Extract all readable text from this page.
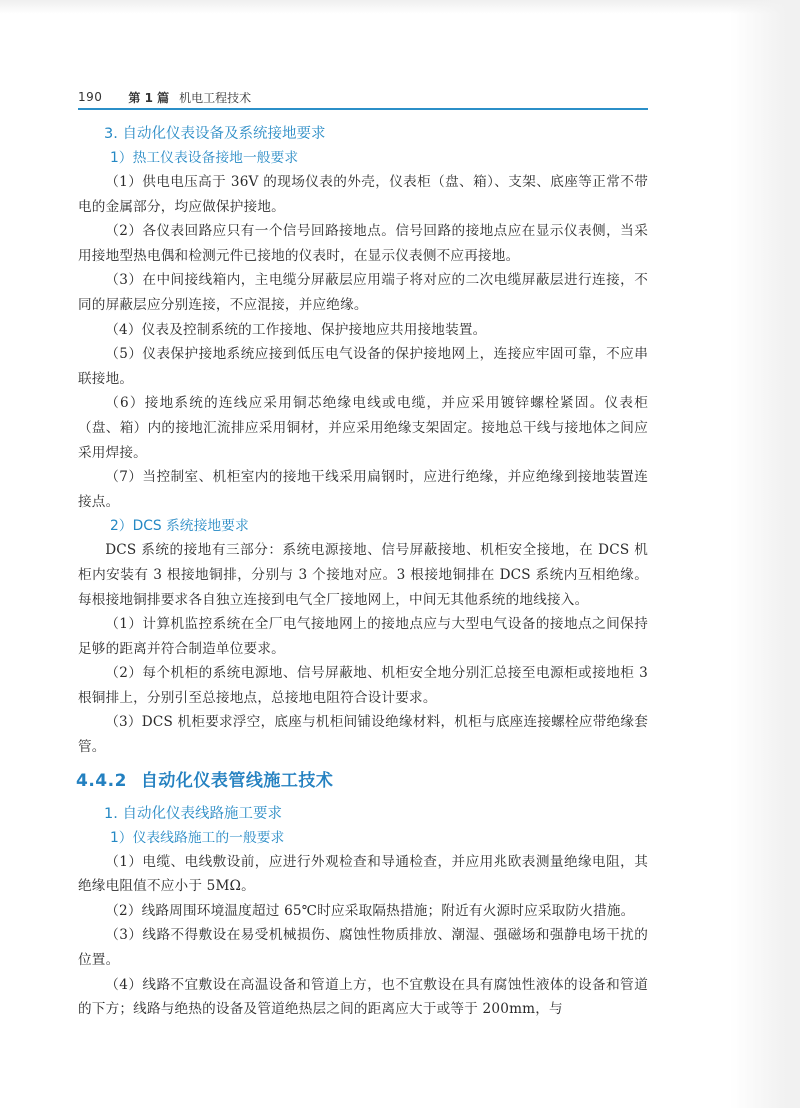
190 第 1 篇 机电工程技术
3. 自动化仪表设备及系统接地要求
1）热工仪表设备接地一般要求

（1）供电电压高于 36V 的现场仪表的外壳，仪表柜（盘、箱）、支架、底座等正常不带电的金属部分，均应做保护接地。

（2）各仪表回路应只有一个信号回路接地点。信号回路的接地点应在显示仪表侧，当采用接地型热电偶和检测元件已接地的仪表时，在显示仪表侧不应再接地。

（3）在中间接线箱内，主电缆分屏蔽层应用端子将对应的二次电缆屏蔽层进行连接，不同的屏蔽层应分别连接，不应混接，并应绝缘。

（4）仪表及控制系统的工作接地、保护接地应共用接地装置。

（5）仪表保护接地系统应接到低压电气设备的保护接地网上，连接应牢固可靠，不应串联接地。

（6）接地系统的连线应采用铜芯绝缘电线或电缆，并应采用镀锌螺栓紧固。仪表柜（盘、箱）内的接地汇流排应采用铜材，并应采用绝缘支架固定。接地总干线与接地体之间应采用焊接。

（7）当控制室、机柜室内的接地干线采用扁钢时，应进行绝缘，并应绝缘到接地装置连接点。

2）DCS 系统接地要求

DCS 系统的接地有三部分：系统电源接地、信号屏蔽接地、机柜安全接地，在 DCS 机柜内安装有 3 根接地铜排，分别与 3 个接地对应。3 根接地铜排在 DCS 系统内互相绝缘。每根接地铜排要求各自独立连接到电气全厂接地网上，中间无其他系统的地线接入。

（1）计算机监控系统在全厂电气接地网上的接地点应与大型电气设备的接地点之间保持足够的距离并符合制造单位要求。

（2）每个机柜的系统电源地、信号屏蔽地、机柜安全地分别汇总接至电源柜或接地柜 3 根铜排上，分别引至总接地点，总接地电阻符合设计要求。

（3）DCS 机柜要求浮空，底座与机柜间铺设绝缘材料，机柜与底座连接螺栓应带绝缘套管。

4.4.2 自动化仪表管线施工技术
1. 自动化仪表线路施工要求
1）仪表线路施工的一般要求

（1）电缆、电线敷设前，应进行外观检查和导通检查，并应用兆欧表测量绝缘电阻，其绝缘电阻值不应小于 5MΩ。

（2）线路周围环境温度超过 65℃时应采取隔热措施；附近有火源时应采取防火措施。

（3）线路不得敷设在易受机械损伤、腐蚀性物质排放、潮湿、强磁场和强静电场干扰的位置。

（4）线路不宜敷设在高温设备和管道上方，也不宜敷设在具有腐蚀性液体的设备和管道的下方；线路与绝热的设备及管道绝热层之间的距离应大于或等于 200mm，与
